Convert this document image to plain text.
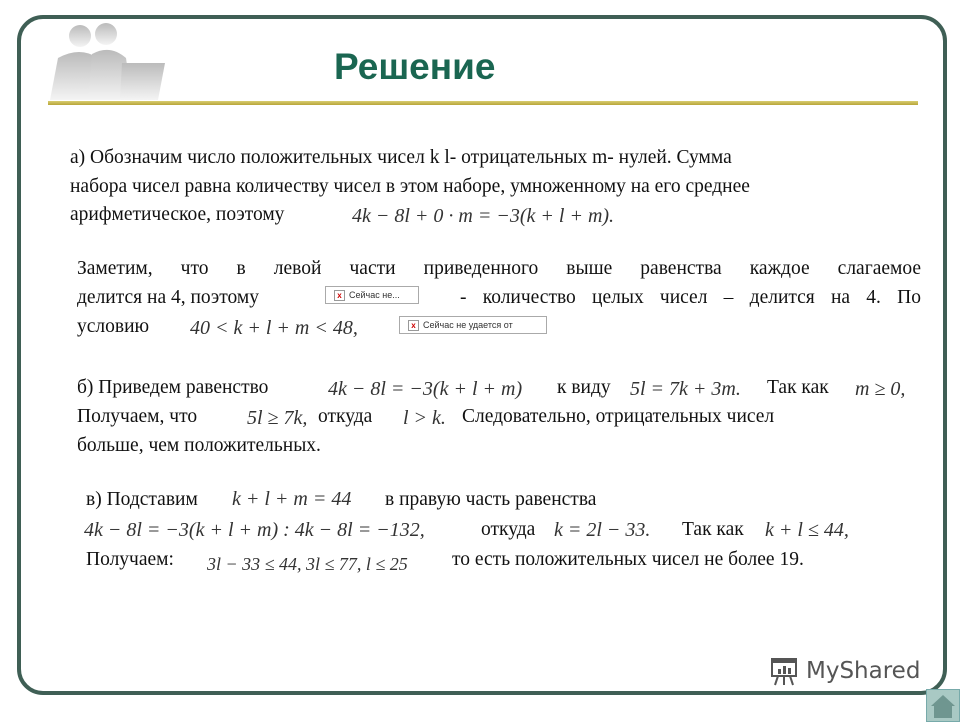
Решение
а) Обозначим число положительных чисел k l- отрицательных m- нулей. Сумма
набора чисел равна количеству чисел в этом наборе, умноженному на его среднее
арифметическое, поэтому	4k − 8l + 0 · m = −3(k + l + m).
Заметим, что в левой части приведенного выше равенства каждое слагаемое
делится на 4, поэтому	x Сейчас не...	- количество целых чисел – делится на 4. По
условию 40 < k + l + m < 48,	x Сейчас не удается от
б) Приведем равенство	4k − 8l = −3(k + l + m) к виду 5l = 7k + 3m. Так как m ≥ 0,
Получаем, что 5l ≥ 7k, откуда l > k. Следовательно, отрицательных чисел
больше, чем положительных.
в) Подставим k + l + m = 44 в правую часть равенства
4k − 8l = −3(k + l + m) : 4k − 8l = −132,	откуда k = 2l − 33. Так как k + l ≤ 44,
Получаем: 3l − 33 ≤ 44, 3l ≤ 77, l ≤ 25 то есть положительных чисел не более 19.
MyShared
